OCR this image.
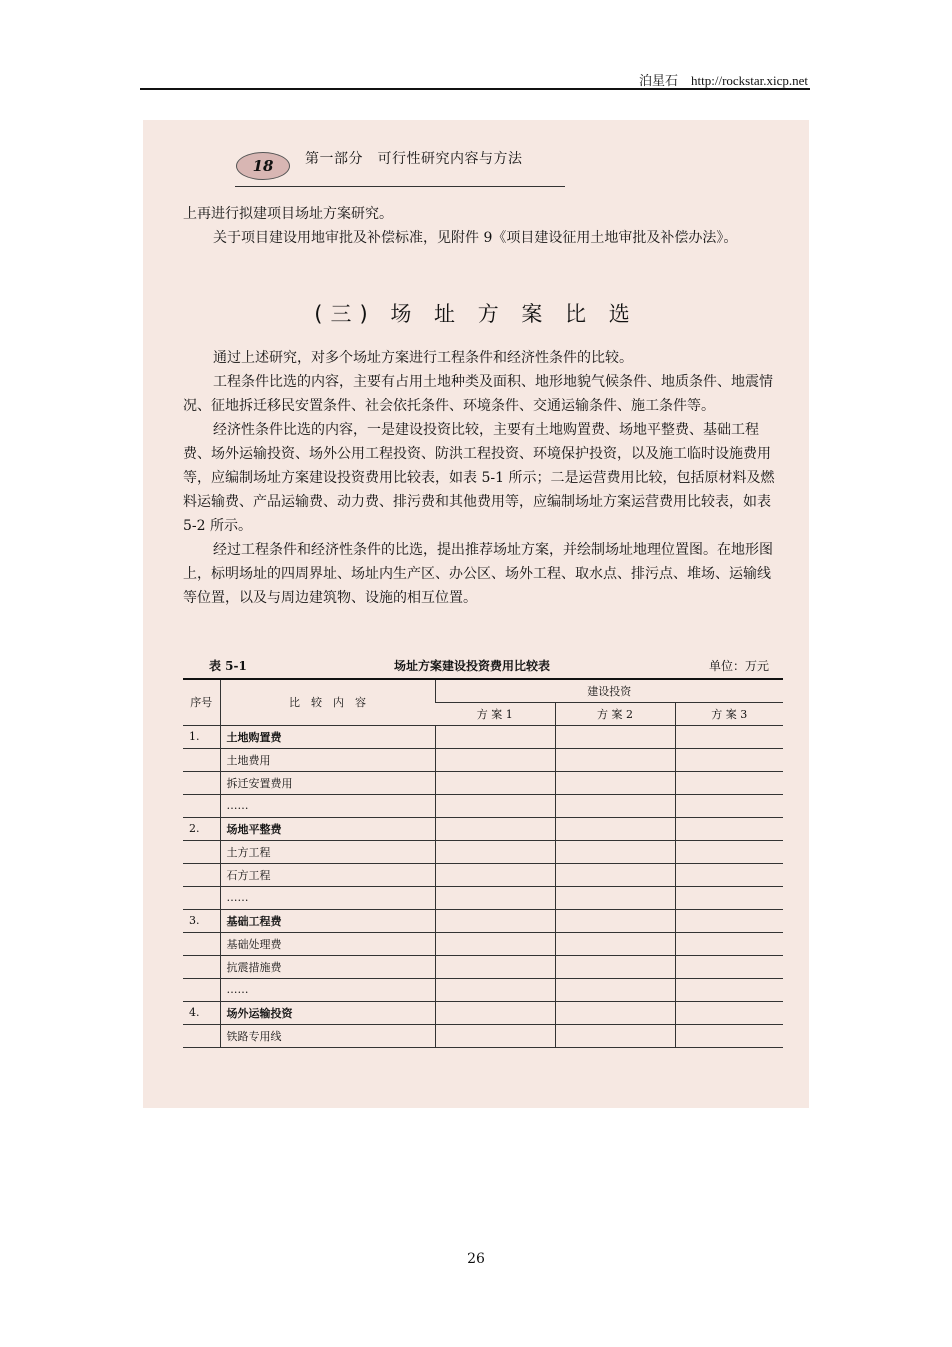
泊星石　http://rockstar.xicp.net
第一部分　可行性研究内容与方法
18

上再进行拟建项目场址方案研究。

关于项目建设用地审批及补偿标准，见附件 9《项目建设征用土地审批及补偿办法》。

(三) 场 址 方 案 比 选

通过上述研究，对多个场址方案进行工程条件和经济性条件的比较。

工程条件比选的内容，主要有占用土地种类及面积、地形地貌气候条件、地质条件、地震情况、征地拆迁移民安置条件、社会依托条件、环境条件、交通运输条件、施工条件等。

经济性条件比选的内容，一是建设投资比较，主要有土地购置费、场地平整费、基础工程费、场外运输投资、场外公用工程投资、防洪工程投资、环境保护投资，以及施工临时设施费用等，应编制场址方案建设投资费用比较表，如表 5-1 所示；二是运营费用比较，包括原材料及燃料运输费、产品运输费、动力费、排污费和其他费用等，应编制场址方案运营费用比较表，如表 5-2 所示。

经过工程条件和经济性条件的比选，提出推荐场址方案，并绘制场址地理位置图。在地形图上，标明场址的四周界址、场址内生产区、办公区、场外工程、取水点、排污点、堆场、运输线等位置，以及与周边建筑物、设施的相互位置。

表 5-1	场址方案建设投资费用比较表	单位：万元
序号	比　较　内　容	建设投资		
		方 案 1	方 案 2	方 案 3
1.	土地购置费			
	土地费用			
	拆迁安置费用			
	……			
2.	场地平整费			
	土方工程			
	石方工程			
	……			
3.	基础工程费			
	基础处理费			
	抗震措施费			
	……			
4.	场外运输投资			
	铁路专用线			
26
